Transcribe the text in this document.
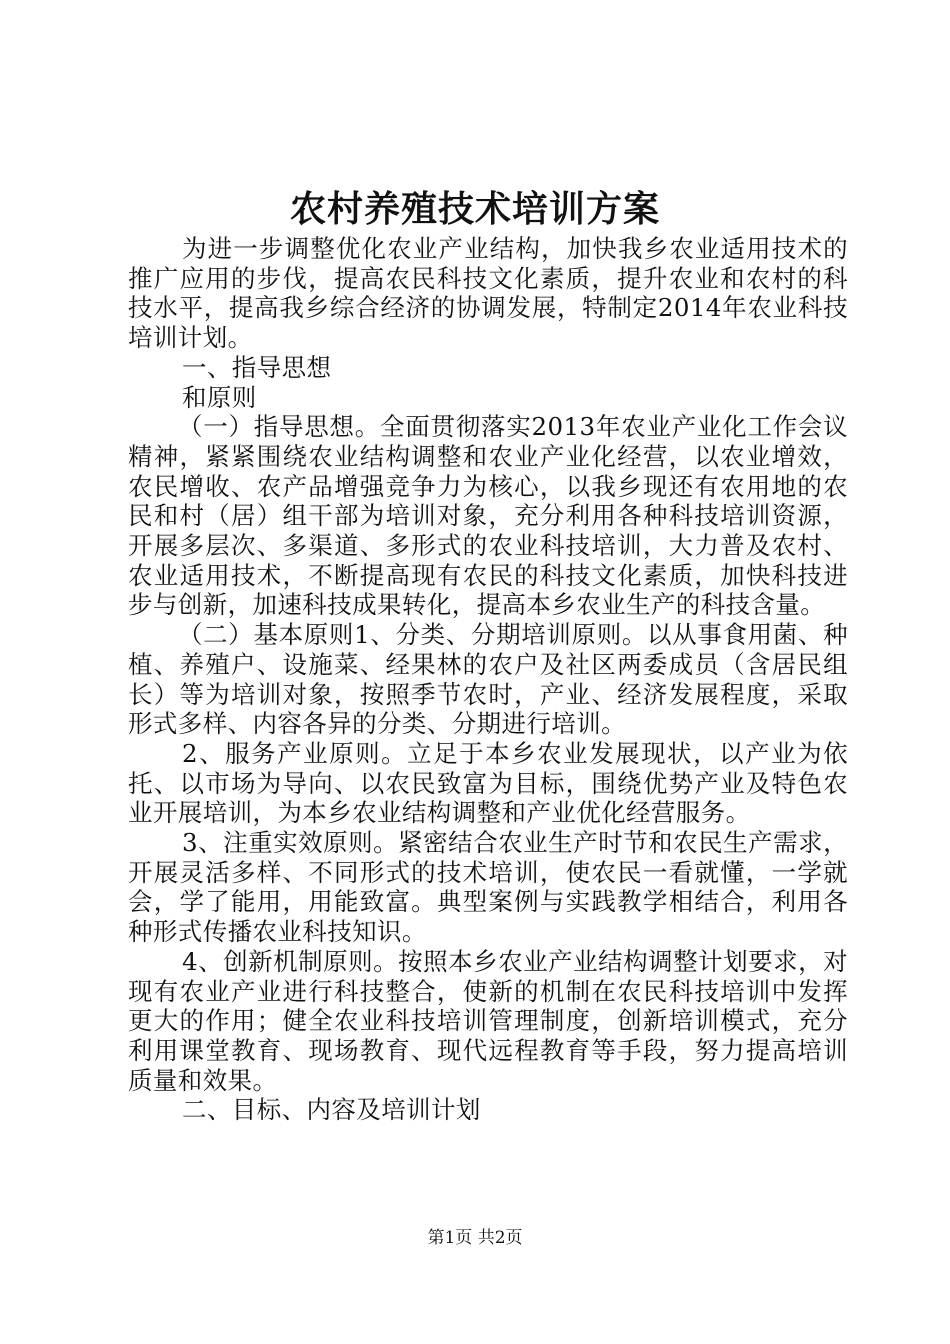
农村养殖技术培训方案

为进一步调整优化农业产业结构，加快我乡农业适用技术的推广应用的步伐，提高农民科技文化素质，提升农业和农村的科技水平，提高我乡综合经济的协调发展，特制定2014年农业科技培训计划。

一、指导思想

和原则

（一）指导思想。全面贯彻落实2013年农业产业化工作会议精神，紧紧围绕农业结构调整和农业产业化经营，以农业增效，农民增收、农产品增强竞争力为核心，以我乡现还有农用地的农民和村（居）组干部为培训对象，充分利用各种科技培训资源，开展多层次、多渠道、多形式的农业科技培训，大力普及农村、农业适用技术，不断提高现有农民的科技文化素质，加快科技进步与创新，加速科技成果转化，提高本乡农业生产的科技含量。

（二）基本原则1、分类、分期培训原则。以从事食用菌、种植、养殖户、设施菜、经果林的农户及社区两委成员（含居民组长）等为培训对象，按照季节农时，产业、经济发展程度，采取形式多样、内容各异的分类、分期进行培训。

2、服务产业原则。立足于本乡农业发展现状，以产业为依托、以市场为导向、以农民致富为目标，围绕优势产业及特色农业开展培训，为本乡农业结构调整和产业优化经营服务。

3、注重实效原则。紧密结合农业生产时节和农民生产需求，开展灵活多样、不同形式的技术培训，使农民一看就懂，一学就会，学了能用，用能致富。典型案例与实践教学相结合，利用各种形式传播农业科技知识。

4、创新机制原则。按照本乡农业产业结构调整计划要求，对现有农业产业进行科技整合，使新的机制在农民科技培训中发挥更大的作用；健全农业科技培训管理制度，创新培训模式，充分利用课堂教育、现场教育、现代远程教育等手段，努力提高培训质量和效果。

二、目标、内容及培训计划

第1页 共2页
